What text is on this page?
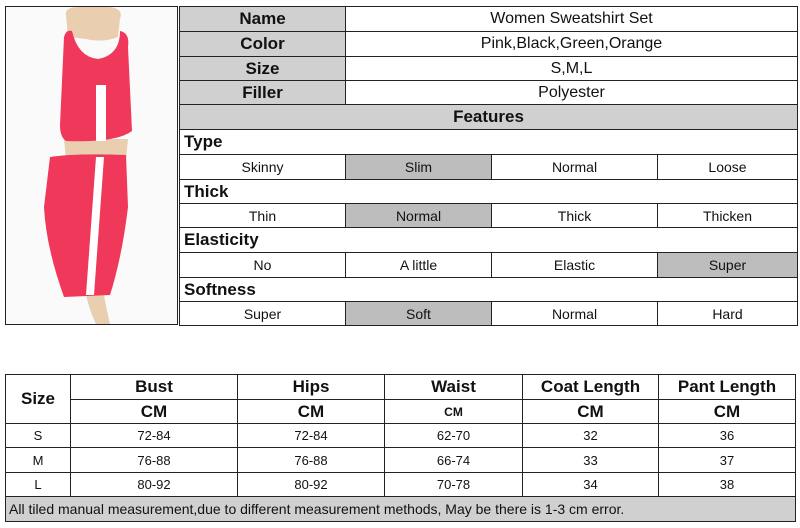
Name	Women Sweatshirt Set		
Color	Pink,Black,Green,Orange		
Size	S,M,L		
Filler	Polyester		
Features			
Type			
Skinny	Slim	Normal	Loose
Thick			
Thin	Normal	Thick	Thicken
Elasticity			
No	A little	Elastic	Super
Softness			
Super	Soft	Normal	Hard
Size	Bust	Hips	Waist	Coat Length	Pant Length
	CM	CM	CM	CM	CM
S	72-84	72-84	62-70	32	36
M	76-88	76-88	66-74	33	37
L	80-92	80-92	70-78	34	38
All tiled manual measurement,due to different measurement methods, May be there is 1-3 cm error.					
